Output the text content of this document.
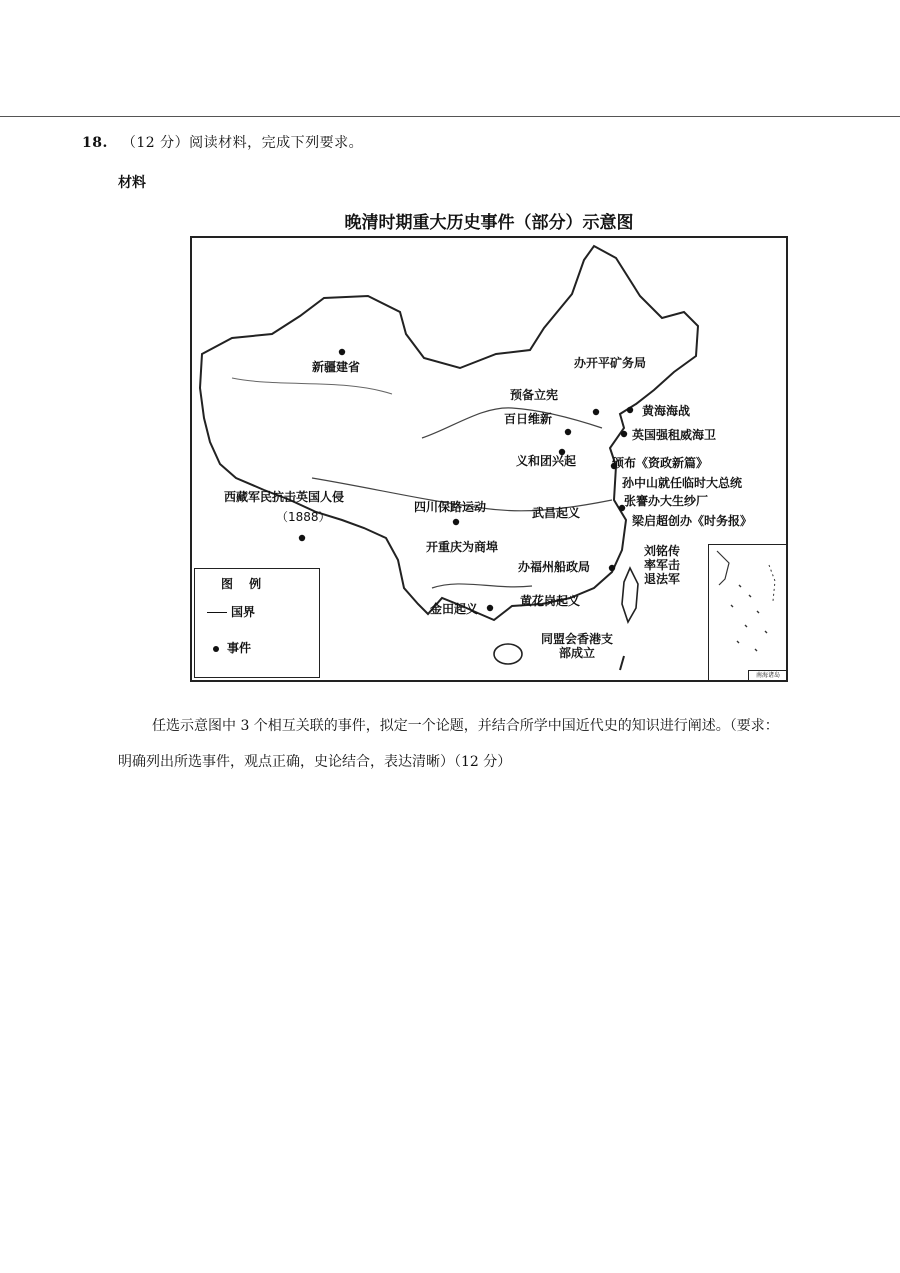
18. （12 分）阅读材料，完成下列要求。
材料
晚清时期重大历史事件（部分）示意图
新疆建省	办开平矿务局
预备立宪
百日维新
黄海海战
英国强租威海卫
义和团兴起	颁布《资政新篇》
孙中山就任临时大总统
张謇办大生纱厂
梁启超创办《时务报》
西藏军民抗击英国人侵
（1888）
四川保路运动	武昌起义
开重庆为商埠
办福州船政局
刘铭传率军击退法军
金田起义
黄花岗起义
同盟会香港支部成立
图 例
国界
事件
南海诸岛
任选示意图中 3 个相互关联的事件，拟定一个论题，并结合所学中国近代史的知识进行阐述。（要求：明确列出所选事件，观点正确，史论结合，表达清晰）（12 分）
